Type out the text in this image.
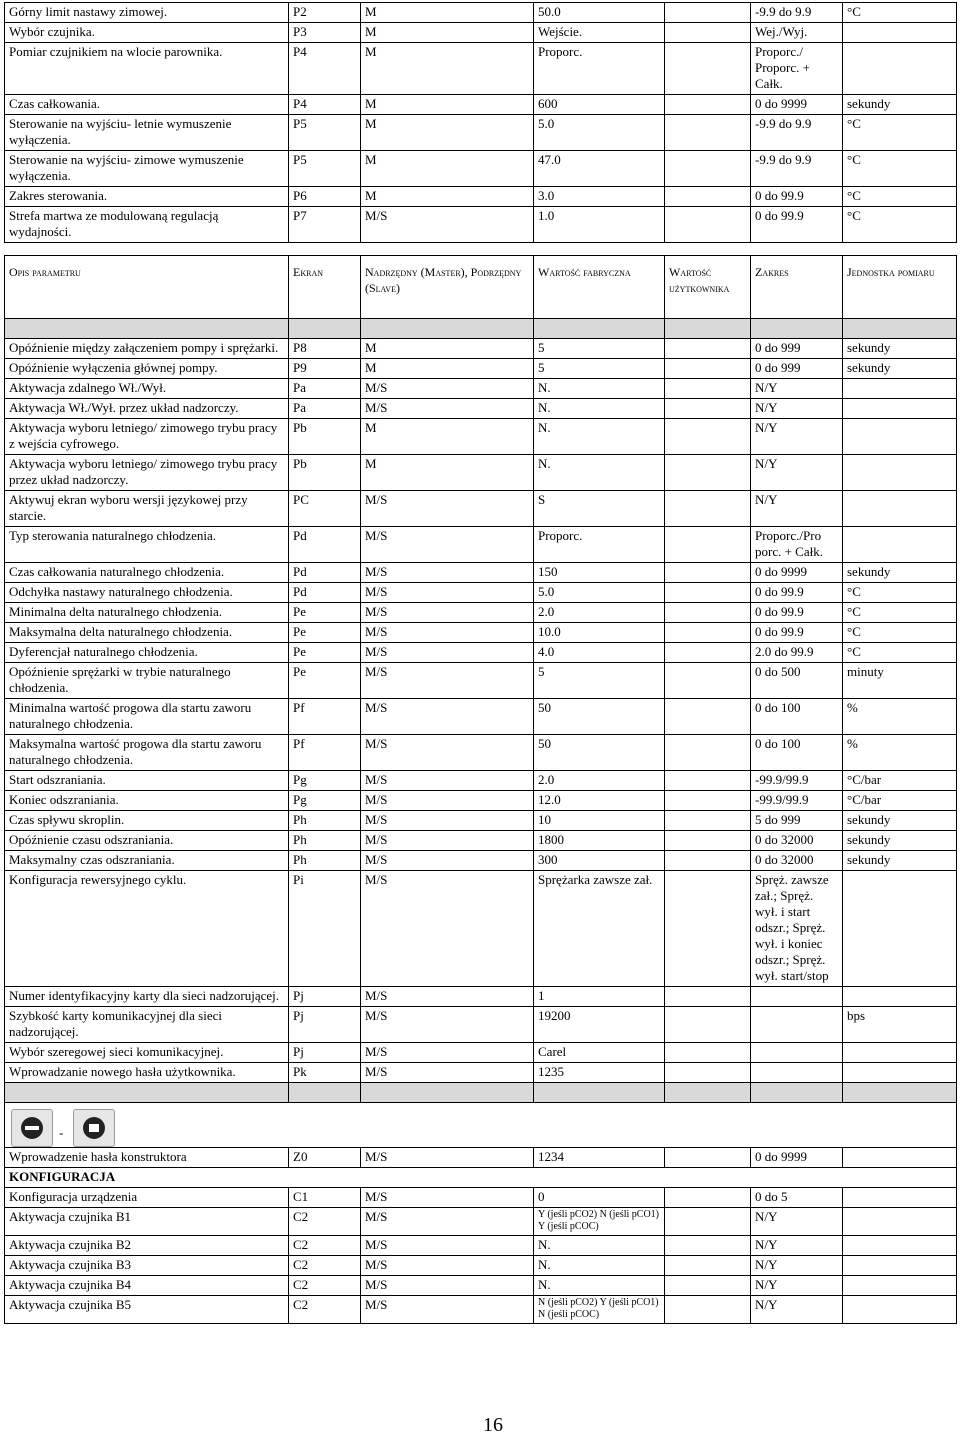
Górny limit nastawy zimowej.	P2	M	50.0		-9.9 do 9.9	°C
Wybór czujnika.	P3	M	Wejście.		Wej./Wyj.	
Pomiar czujnikiem na wlocie parownika.	P4	M	Proporc.		Proporc./ Proporc. + Całk.	
Czas całkowania.	P4	M	600		0 do 9999	sekundy
Sterowanie na wyjściu- letnie wymuszenie wyłączenia.	P5	M	5.0		-9.9 do 9.9	°C
Sterowanie na wyjściu- zimowe wymuszenie wyłączenia.	P5	M	47.0		-9.9 do 9.9	°C
Zakres sterowania.	P6	M	3.0		0 do 99.9	°C
Strefa martwa ze modulowaną regulacją wydajności.	P7	M/S	1.0		0 do 99.9	°C
Opis parametru	Ekran	Nadrzędny (Master), Podrzędny (Slave)	Wartość fabryczna	Wartość użytkownika	Zakres	Jednostka pomiaru

Opóźnienie między załączeniem pompy i sprężarki.	P8	M	5		0 do 999	sekundy
Opóźnienie wyłączenia głównej pompy.	P9	M	5		0 do 999	sekundy
Aktywacja zdalnego Wł./Wył.	Pa	M/S	N.		N/Y	
Aktywacja Wł./Wył. przez układ nadzorczy.	Pa	M/S	N.		N/Y	
Aktywacja wyboru letniego/ zimowego trybu pracy z wejścia cyfrowego.	Pb	M	N.		N/Y	
Aktywacja wyboru letniego/ zimowego trybu pracy przez układ nadzorczy.	Pb	M	N.		N/Y	
Aktywuj ekran wyboru wersji językowej przy starcie.	PC	M/S	S		N/Y	
Typ sterowania naturalnego chłodzenia.	Pd	M/S	Proporc.		Proporc./Pro porc. + Całk.	
Czas całkowania naturalnego chłodzenia.	Pd	M/S	150		0 do 9999	sekundy
Odchyłka nastawy naturalnego chłodzenia.	Pd	M/S	5.0		0 do 99.9	°C
Minimalna delta naturalnego chłodzenia.	Pe	M/S	2.0		0 do 99.9	°C
Maksymalna delta naturalnego chłodzenia.	Pe	M/S	10.0		0 do 99.9	°C
Dyferencjał naturalnego chłodzenia.	Pe	M/S	4.0		2.0 do 99.9	°C
Opóźnienie sprężarki w trybie naturalnego chłodzenia.	Pe	M/S	5		0 do 500	minuty
Minimalna wartość progowa dla startu zaworu naturalnego chłodzenia.	Pf	M/S	50		0 do 100	%
Maksymalna wartość progowa dla startu zaworu naturalnego chłodzenia.	Pf	M/S	50		0 do 100	%
Start odszraniania.	Pg	M/S	2.0		-99.9/99.9	°C/bar
Koniec odszraniania.	Pg	M/S	12.0		-99.9/99.9	°C/bar
Czas spływu skroplin.	Ph	M/S	10		5 do 999	sekundy
Opóźnienie czasu odszraniania.	Ph	M/S	1800		0 do 32000	sekundy
Maksymalny czas odszraniania.	Ph	M/S	300		0 do 32000	sekundy
Konfiguracja rewersyjnego cyklu.	Pi	M/S	Sprężarka zawsze zał.		Spręż. zawsze zał.; Spręż. wył. i start odszr.; Spręż. wył. i koniec odszr.; Spręż. wył. start/stop	
Numer identyfikacyjny karty dla sieci nadzorującej.	Pj	M/S	1			
Szybkość karty komunikacyjnej dla sieci nadzorującej.	Pj	M/S	19200			bps
Wybór szeregowej sieci komunikacyjnej.	Pj	M/S	Carel			
Wprowadzanie nowego hasła użytkownika.	Pk	M/S	1235			

-						

Wprowadzenie hasła konstruktora	Z0	M/S	1234		0 do 9999	
KONFIGURACJA						
Konfiguracja urządzenia	C1	M/S	0		0 do 5	
Aktywacja czujnika B1	C2	M/S	Y (jeśli pCO2) N (jeśli pCO1) Y (jeśli pCOC)		N/Y	
Aktywacja czujnika B2	C2	M/S	N.		N/Y	
Aktywacja czujnika B3	C2	M/S	N.		N/Y	
Aktywacja czujnika B4	C2	M/S	N.		N/Y	
Aktywacja czujnika B5	C2	M/S	N (jeśli pCO2) Y (jeśli pCO1) N (jeśli pCOC)		N/Y	
16
